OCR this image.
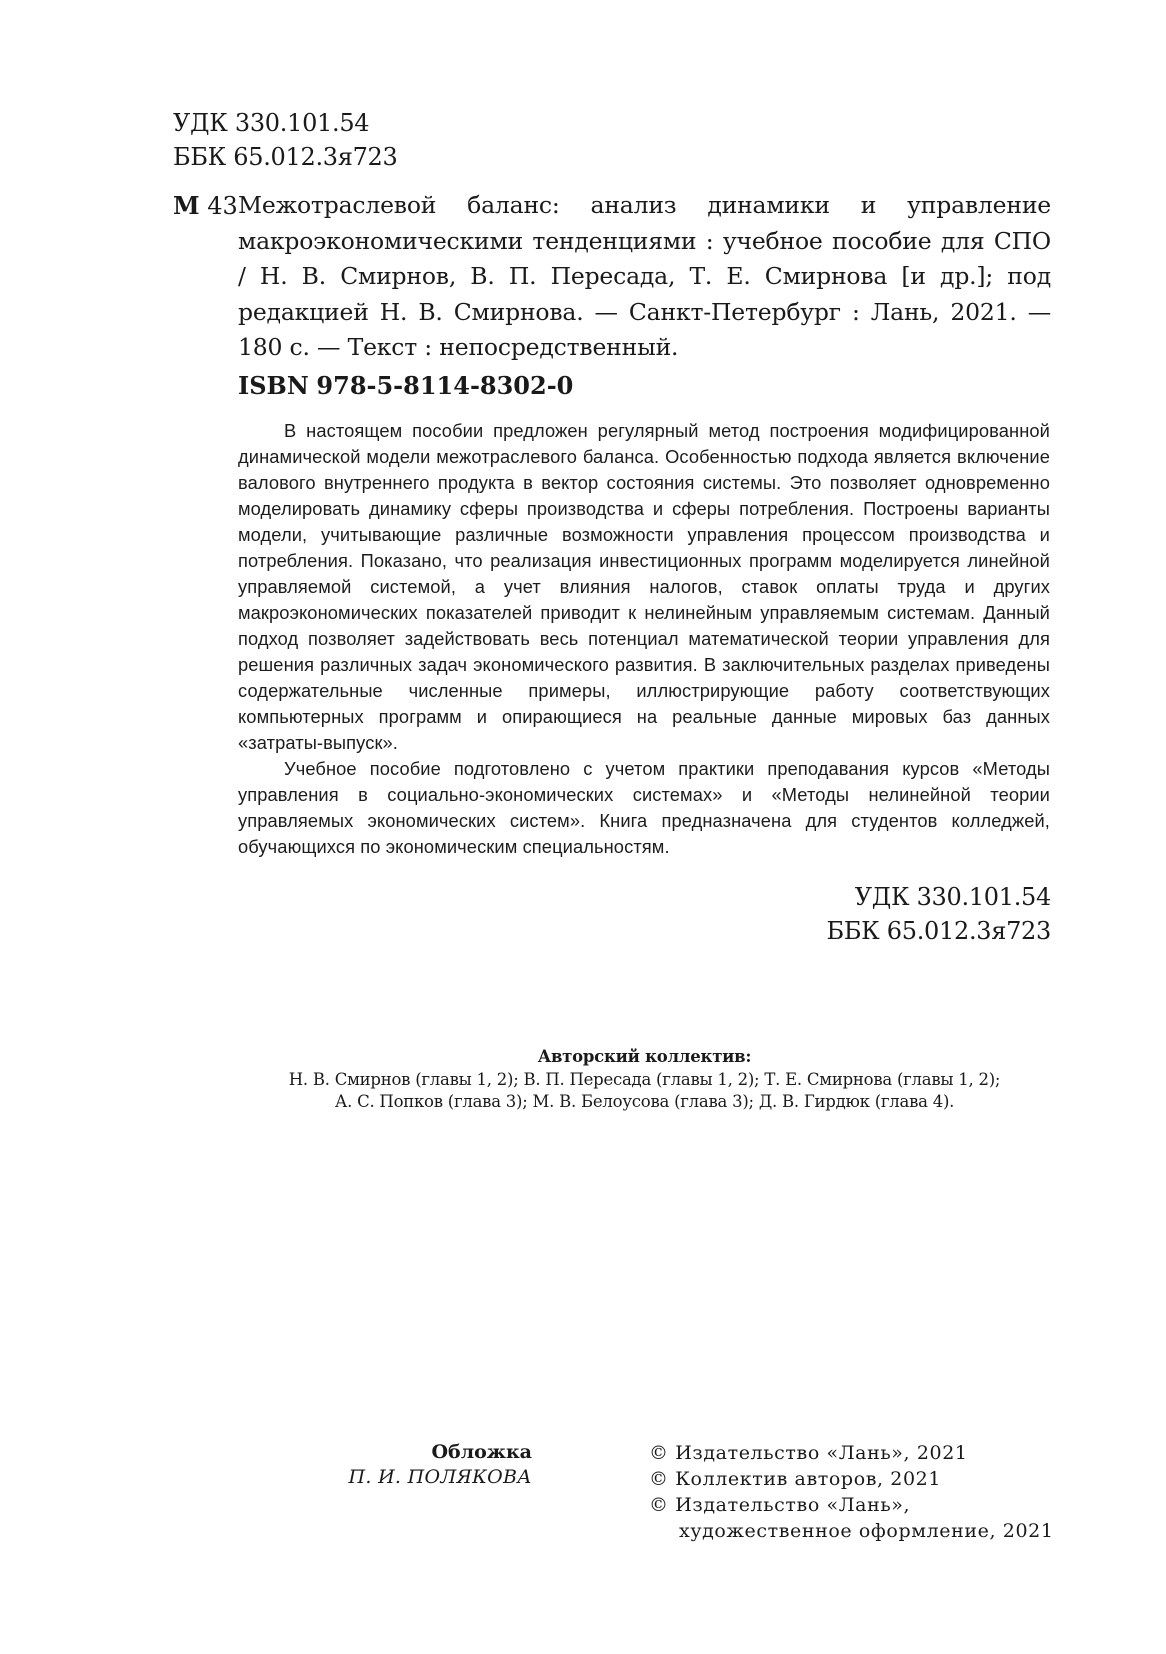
УДК 330.101.54
ББК 65.012.3я723
М 43 Межотраслевой баланс: анализ динамики и управление макроэкономическими тенденциями : учебное пособие для СПО / Н. В. Смирнов, В. П. Пересада, Т. Е. Смирнова [и др.]; под редакцией Н. В. Смирнова. — Санкт-Петербург : Лань, 2021. — 180 с. — Текст : непосредственный.

ISBN 978-5-8114-8302-0

В настоящем пособии предложен регулярный метод построения модифицированной динамической модели межотраслевого баланса. Особенностью подхода является включение валового внутреннего продукта в вектор состояния системы. Это позволяет одновременно моделировать динамику сферы производства и сферы потребления. Построены варианты модели, учитывающие различные возможности управления процессом производства и потребления. Показано, что реализация инвестиционных программ моделируется линейной управляемой системой, а учет влияния налогов, ставок оплаты труда и других макроэкономических показателей приводит к нелинейным управляемым системам. Данный подход позволяет задействовать весь потенциал математической теории управления для решения различных задач экономического развития. В заключительных разделах приведены содержательные численные примеры, иллюстрирующие работу соответствующих компьютерных программ и опирающиеся на реальные данные мировых баз данных «затраты-выпуск».

Учебное пособие подготовлено с учетом практики преподавания курсов «Методы управления в социально-экономических системах» и «Методы нелинейной теории управляемых экономических систем». Книга предназначена для студентов колледжей, обучающихся по экономическим специальностям.

УДК 330.101.54
ББК 65.012.3я723
Авторский коллектив:
Н. В. Смирнов (главы 1, 2); В. П. Пересада (главы 1, 2); Т. Е. Смирнова (главы 1, 2);
А. С. Попков (глава 3); М. В. Белоусова (глава 3); Д. В. Гирдюк (глава 4).
Обложка
П. И. ПОЛЯКОВА
© Издательство «Лань», 2021
© Коллектив авторов, 2021
© Издательство «Лань»,
художественное оформление, 2021
